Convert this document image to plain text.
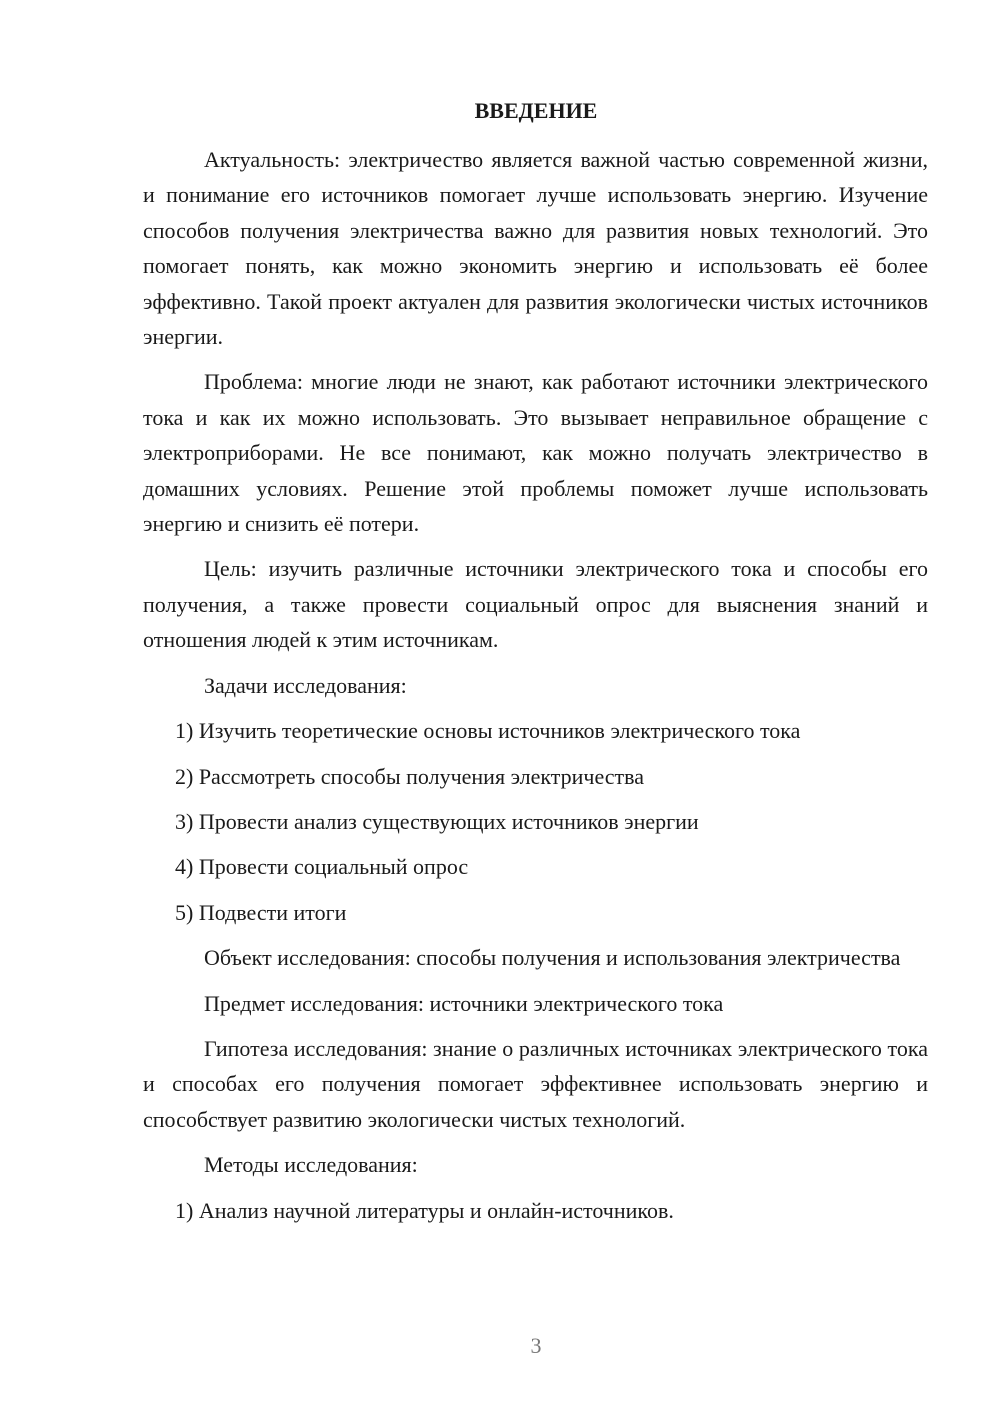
ВВЕДЕНИЕ

Актуальность: электричество является важной частью современной жизни, и понимание его источников помогает лучше использовать энергию. Изучение способов получения электричества важно для развития новых технологий. Это помогает понять, как можно экономить энергию и использовать её более эффективно. Такой проект актуален для развития экологически чистых источников энергии.

Проблема: многие люди не знают, как работают источники электрического тока и как их можно использовать. Это вызывает неправильное обращение с электроприборами. Не все понимают, как можно получать электричество в домашних условиях. Решение этой проблемы поможет лучше использовать энергию и снизить её потери.

Цель: изучить различные источники электрического тока и способы его получения, а также провести социальный опрос для выяснения знаний и отношения людей к этим источникам.

Задачи исследования:

1) Изучить теоретические основы источников электрического тока
2) Рассмотреть способы получения электричества
3) Провести анализ существующих источников энергии
4) Провести социальный опрос
5) Подвести итоги

Объект исследования: способы получения и использования электричества

Предмет исследования: источники электрического тока

Гипотеза исследования: знание о различных источниках электрического тока и способах его получения помогает эффективнее использовать энергию и способствует развитию экологически чистых технологий.

Методы исследования:

1) Анализ научной литературы и онлайн-источников.
3
